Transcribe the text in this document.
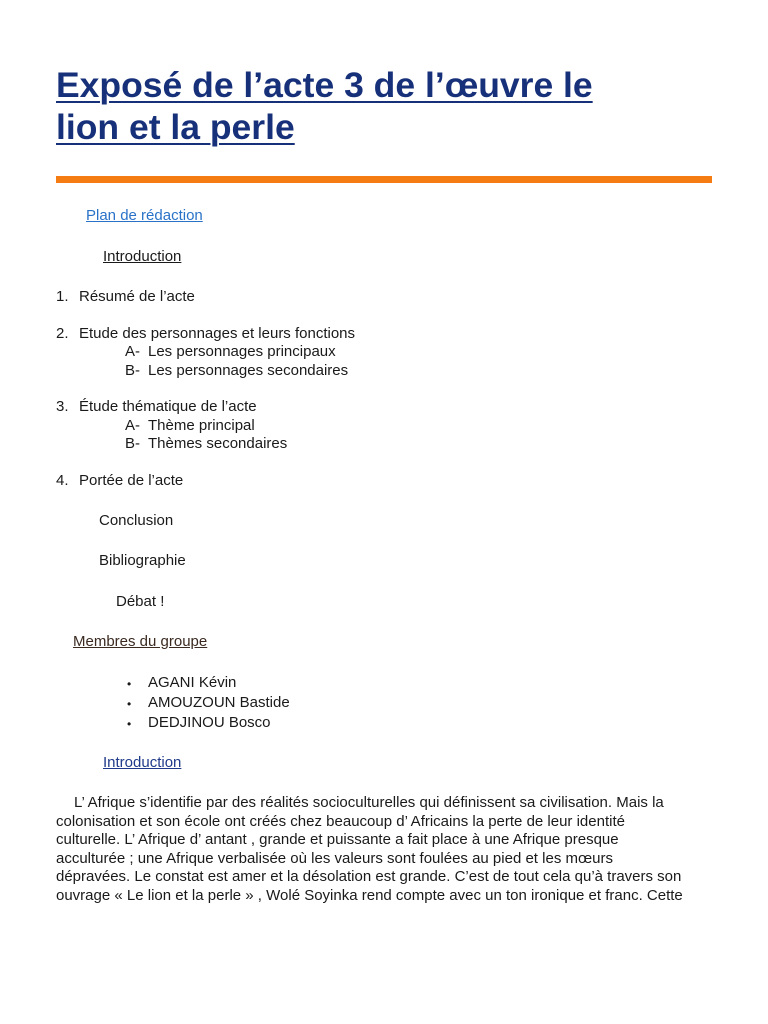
Exposé de l’acte 3 de l’œuvre le
lion et la perle
Plan de rédaction
Introduction
1. Résumé de l’acte
2. Etude des personnages et leurs fonctions
A- Les personnages principaux
B- Les personnages secondaires
3. Étude thématique de l’acte
A- Thème principal
B- Thèmes secondaires
4. Portée de l’acte
Conclusion
Bibliographie
Débat !
Membres du groupe
• AGANI Kévin
• AMOUZOUN Bastide
• DEDJINOU Bosco
Introduction
L’ Afrique s’identifie par des réalités socioculturelles qui définissent sa civilisation. Mais la
colonisation et son école ont créés chez beaucoup d’ Africains la perte de leur identité
culturelle. L’ Afrique d’ antant , grande et puissante a fait place à une Afrique presque
acculturée ; une Afrique verbalisée où les valeurs sont foulées au pied et les mœurs
dépravées. Le constat est amer et la désolation est grande. C’est de tout cela qu’à travers son
ouvrage « Le lion et la perle » , Wolé Soyinka rend compte avec un ton ironique et franc. Cette
